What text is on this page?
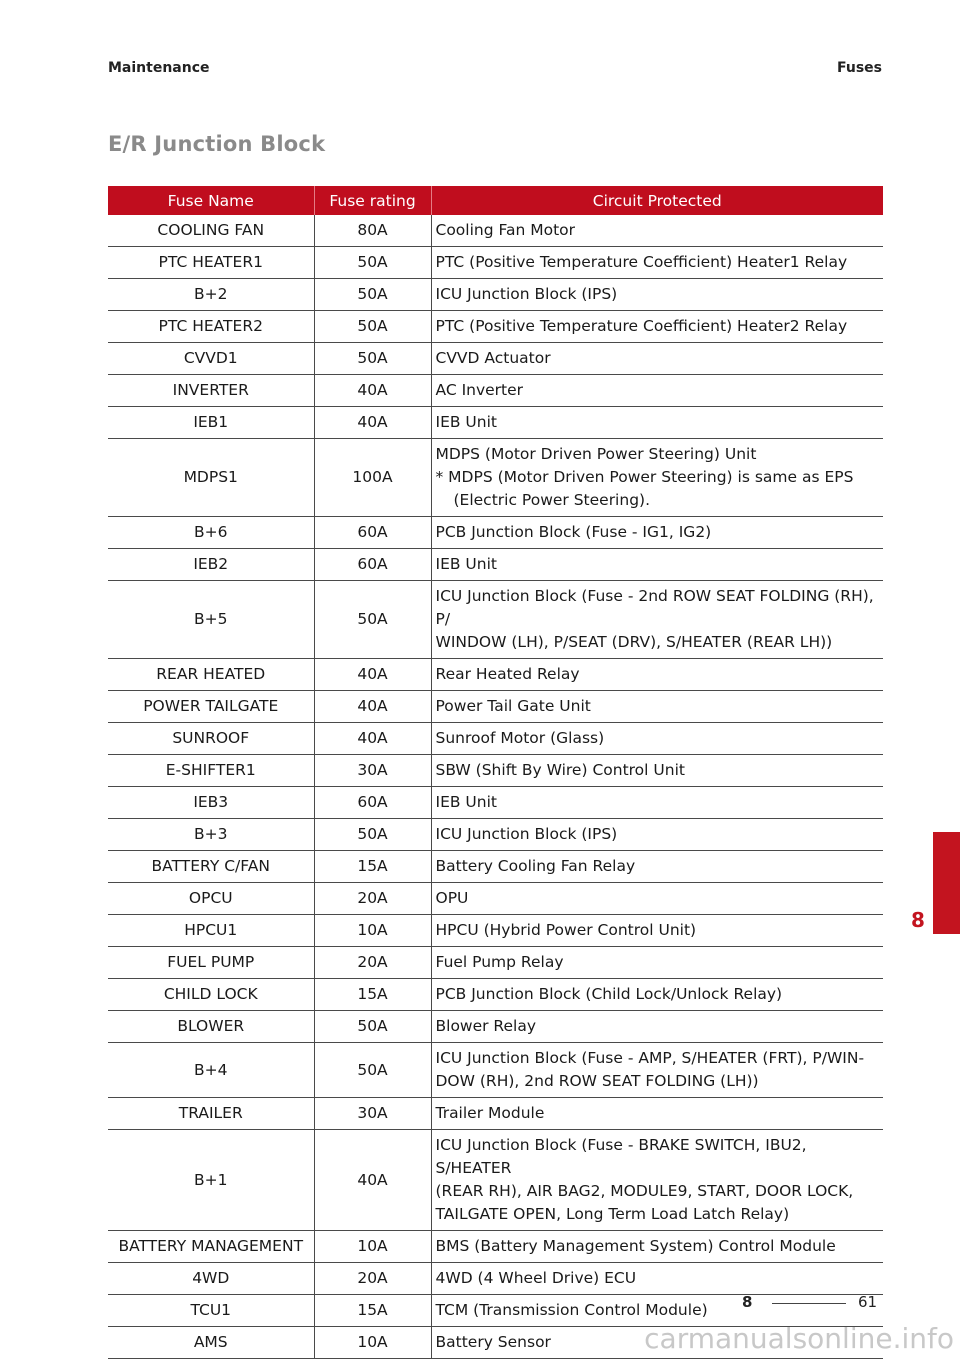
Maintenance	Fuses
E/R Junction Block
Fuse Name	Fuse rating	Circuit Protected
COOLING FAN	80A	Cooling Fan Motor

PTC HEATER1	50A	PTC (Positive Temperature Coefficient) Heater1 Relay

B+2	50A	ICU Junction Block (IPS)

PTC HEATER2	50A	PTC (Positive Temperature Coefficient) Heater2 Relay

CVVD1	50A	CVVD Actuator

INVERTER	40A	AC Inverter

IEB1	40A	IEB Unit

MDPS1	100A	MDPS (Motor Driven Power Steering) Unit
* MDPS (Motor Driven Power Steering) is same as EPS (Electric Power Steering).

B+6	60A	PCB Junction Block (Fuse - IG1, IG2)

IEB2	60A	IEB Unit

B+5	50A	ICU Junction Block (Fuse - 2nd ROW SEAT FOLDING (RH), P/
WINDOW (LH), P/SEAT (DRV), S/HEATER (REAR LH))

REAR HEATED	40A	Rear Heated Relay

POWER TAILGATE	40A	Power Tail Gate Unit

SUNROOF	40A	Sunroof Motor (Glass)

E-SHIFTER1	30A	SBW (Shift By Wire) Control Unit

IEB3	60A	IEB Unit

B+3	50A	ICU Junction Block (IPS)

BATTERY C/FAN	15A	Battery Cooling Fan Relay

OPCU	20A	OPU

HPCU1	10A	HPCU (Hybrid Power Control Unit)

FUEL PUMP	20A	Fuel Pump Relay

CHILD LOCK	15A	PCB Junction Block (Child Lock/Unlock Relay)

BLOWER	50A	Blower Relay

B+4	50A	ICU Junction Block (Fuse - AMP, S/HEATER (FRT), P/WIN-
DOW (RH), 2nd ROW SEAT FOLDING (LH))

TRAILER	30A	Trailer Module

B+1	40A	ICU Junction Block (Fuse - BRAKE SWITCH, IBU2, S/HEATER
(REAR RH), AIR BAG2, MODULE9, START, DOOR LOCK,
TAILGATE OPEN, Long Term Load Latch Relay)

BATTERY MANAGEMENT	10A	BMS (Battery Management System) Control Module

4WD	20A	4WD (4 Wheel Drive) ECU

TCU1	15A	TCM (Transmission Control Module)

AMS	10A	Battery Sensor
8
8	61
carmanualsonline.info
